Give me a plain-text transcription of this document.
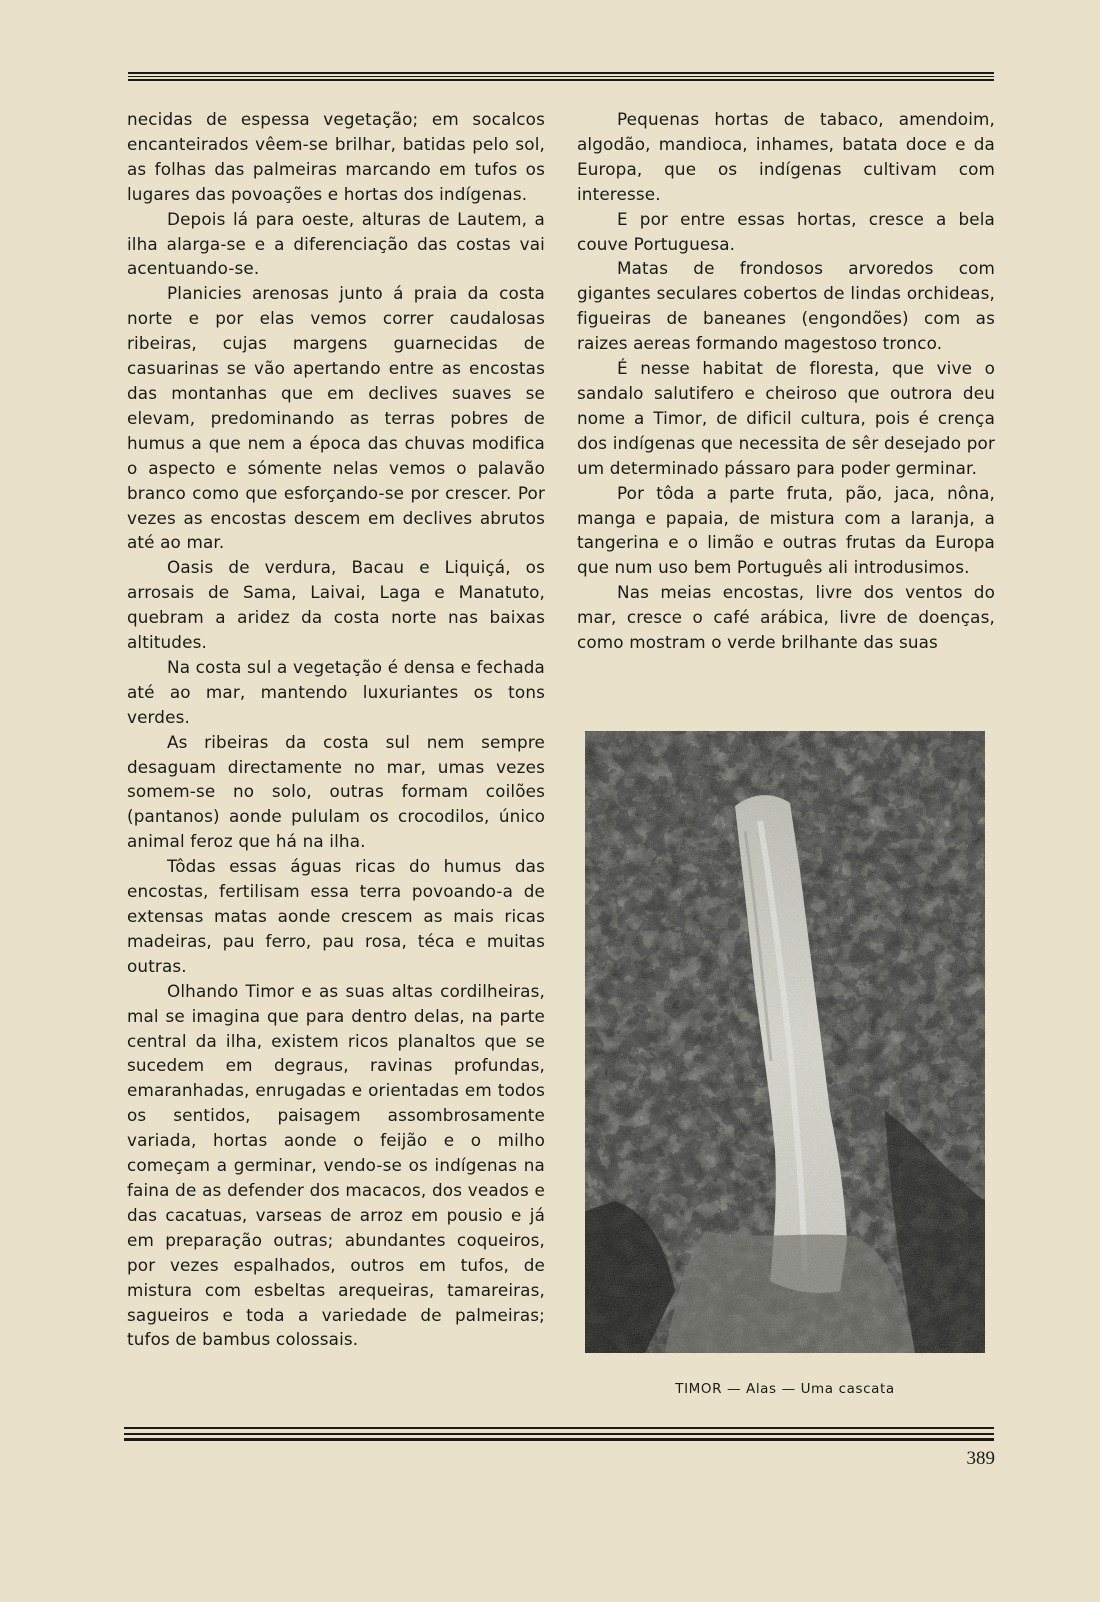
necidas de espessa vegetação; em socalcos encanteirados vêem-se brilhar, batidas pelo sol, as folhas das palmeiras marcando em tufos os lugares das povoações e hortas dos indígenas.

Depois lá para oeste, alturas de Lautem, a ilha alarga-se e a diferenciação das costas vai acentuando-se.

Planicies arenosas junto á praia da costa norte e por elas vemos correr caudalosas ribeiras, cujas margens guarnecidas de casuarinas se vão apertando entre as encostas das montanhas que em declives suaves se elevam, predominando as terras pobres de humus a que nem a época das chuvas modifica o aspecto e sómente nelas vemos o palavão branco como que esforçando-se por crescer. Por vezes as encostas descem em declives abrutos até ao mar.

Oasis de verdura, Bacau e Liquiçá, os arrosais de Sama, Laivai, Laga e Manatuto, quebram a aridez da costa norte nas baixas altitudes.

Na costa sul a vegetação é densa e fechada até ao mar, mantendo luxuriantes os tons verdes.

As ribeiras da costa sul nem sempre desaguam directamente no mar, umas vezes somem-se no solo, outras formam coilões (pantanos) aonde pululam os crocodilos, único animal feroz que há na ilha.

Tôdas essas águas ricas do humus das encostas, fertilisam essa terra povoando-a de extensas matas aonde crescem as mais ricas madeiras, pau ferro, pau rosa, téca e muitas outras.

Olhando Timor e as suas altas cordilheiras, mal se imagina que para dentro delas, na parte central da ilha, existem ricos planaltos que se sucedem em degraus, ravinas profundas, emaranhadas, enrugadas e orientadas em todos os sentidos, paisagem assombrosamente variada, hortas aonde o feijão e o milho começam a germinar, vendo-se os indígenas na faina de as defender dos macacos, dos veados e das cacatuas, varseas de arroz em pousio e já em preparação outras; abundantes coqueiros, por vezes espalhados, outros em tufos, de mistura com esbeltas arequeiras, tamareiras, sagueiros e toda a variedade de palmeiras; tufos de bambus colossais.

Pequenas hortas de tabaco, amendoim, algodão, mandioca, inhames, batata doce e da Europa, que os indígenas cultivam com interesse.

E por entre essas hortas, cresce a bela couve Portuguesa.

Matas de frondosos arvoredos com gigantes seculares cobertos de lindas orchideas, figueiras de baneanes (engondões) com as raizes aereas formando magestoso tronco.

É nesse habitat de floresta, que vive o sandalo salutifero e cheiroso que outrora deu nome a Timor, de dificil cultura, pois é crença dos indígenas que necessita de sêr desejado por um determinado pássaro para poder germinar.

Por tôda a parte fruta, pão, jaca, nôna, manga e papaia, de mistura com a laranja, a tangerina e o limão e outras frutas da Europa que num uso bem Português ali introdusimos.

Nas meias encostas, livre dos ventos do mar, cresce o café arábica, livre de doenças, como mostram o verde brilhante das suas

TIMOR — Alas — Uma cascata
389
